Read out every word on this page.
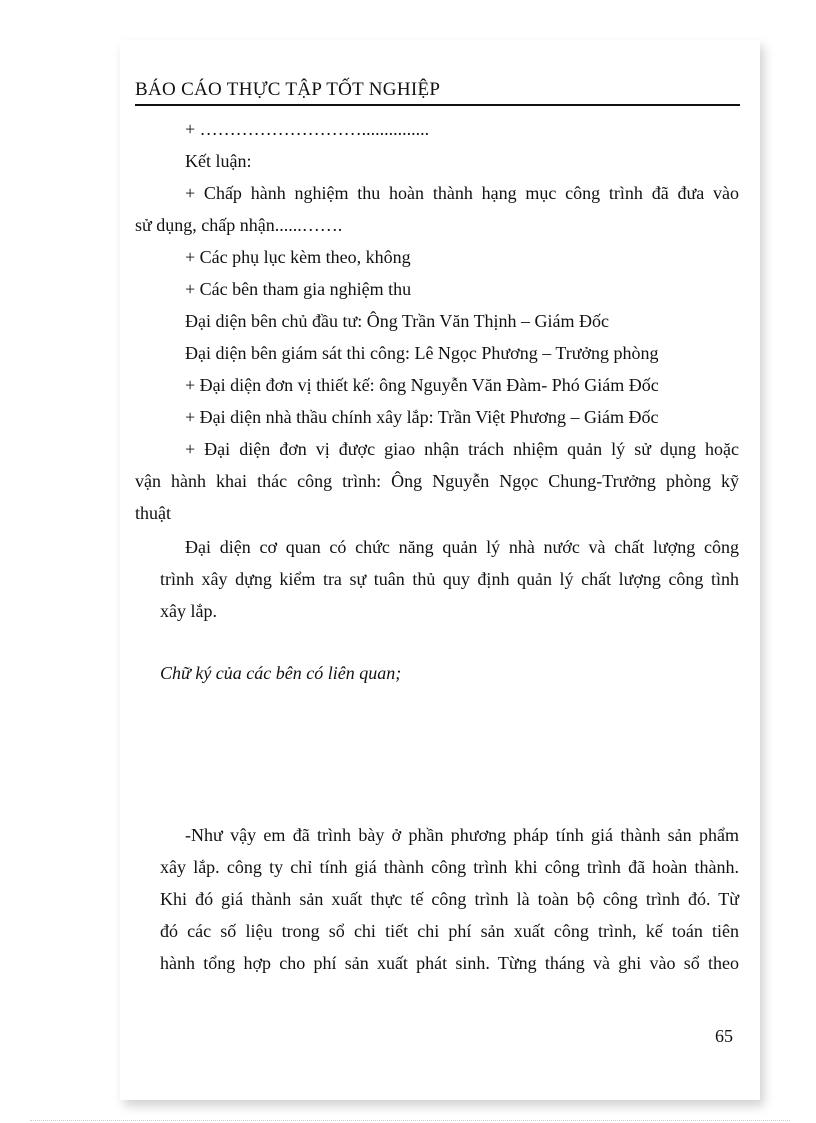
BÁO CÁO THỰC TẬP TỐT NGHIỆP
+ ………………………...............
Kết luận:
+ Chấp hành nghiệm thu hoàn thành hạng mục công trình đã đưa vào
sử dụng, chấp nhận......…….
+ Các phụ lục kèm theo, không
+ Các bên tham gia nghiệm thu
Đại diện bên chủ đầu tư: Ông Trần Văn Thịnh – Giám Đốc
Đại diện bên giám sát thi công: Lê Ngọc Phương – Trưởng phòng
+ Đại diện đơn vị thiết kế: ông Nguyễn Văn Đàm- Phó Giám Đốc
+ Đại diện nhà thầu chính xây lắp: Trần Việt Phương – Giám Đốc
+ Đại diện đơn vị được giao nhận trách nhiệm quản lý sử dụng hoặc
vận hành khai thác công trình: Ông Nguyễn Ngọc Chung-Trưởng phòng kỹ
thuật
Đại diện cơ quan có chức năng quản lý nhà nước và chất lượng công
trình xây dựng kiểm tra sự tuân thủ quy định quản lý chất lượng công tình
xây lắp.
Chữ ký của các bên có liên quan;
-Như vậy em đã trình bày ở phần phương pháp tính giá thành sản phẩm
xây lắp. công ty chỉ tính giá thành công trình khi công trình đã hoàn thành.
Khi đó giá thành sản xuất thực tế công trình là toàn bộ công trình đó. Từ
đó các số liệu trong sổ chi tiết chi phí sản xuất công trình, kế toán tiên
hành tổng hợp cho phí sản xuất phát sinh. Từng tháng và ghi vào sổ theo
65
